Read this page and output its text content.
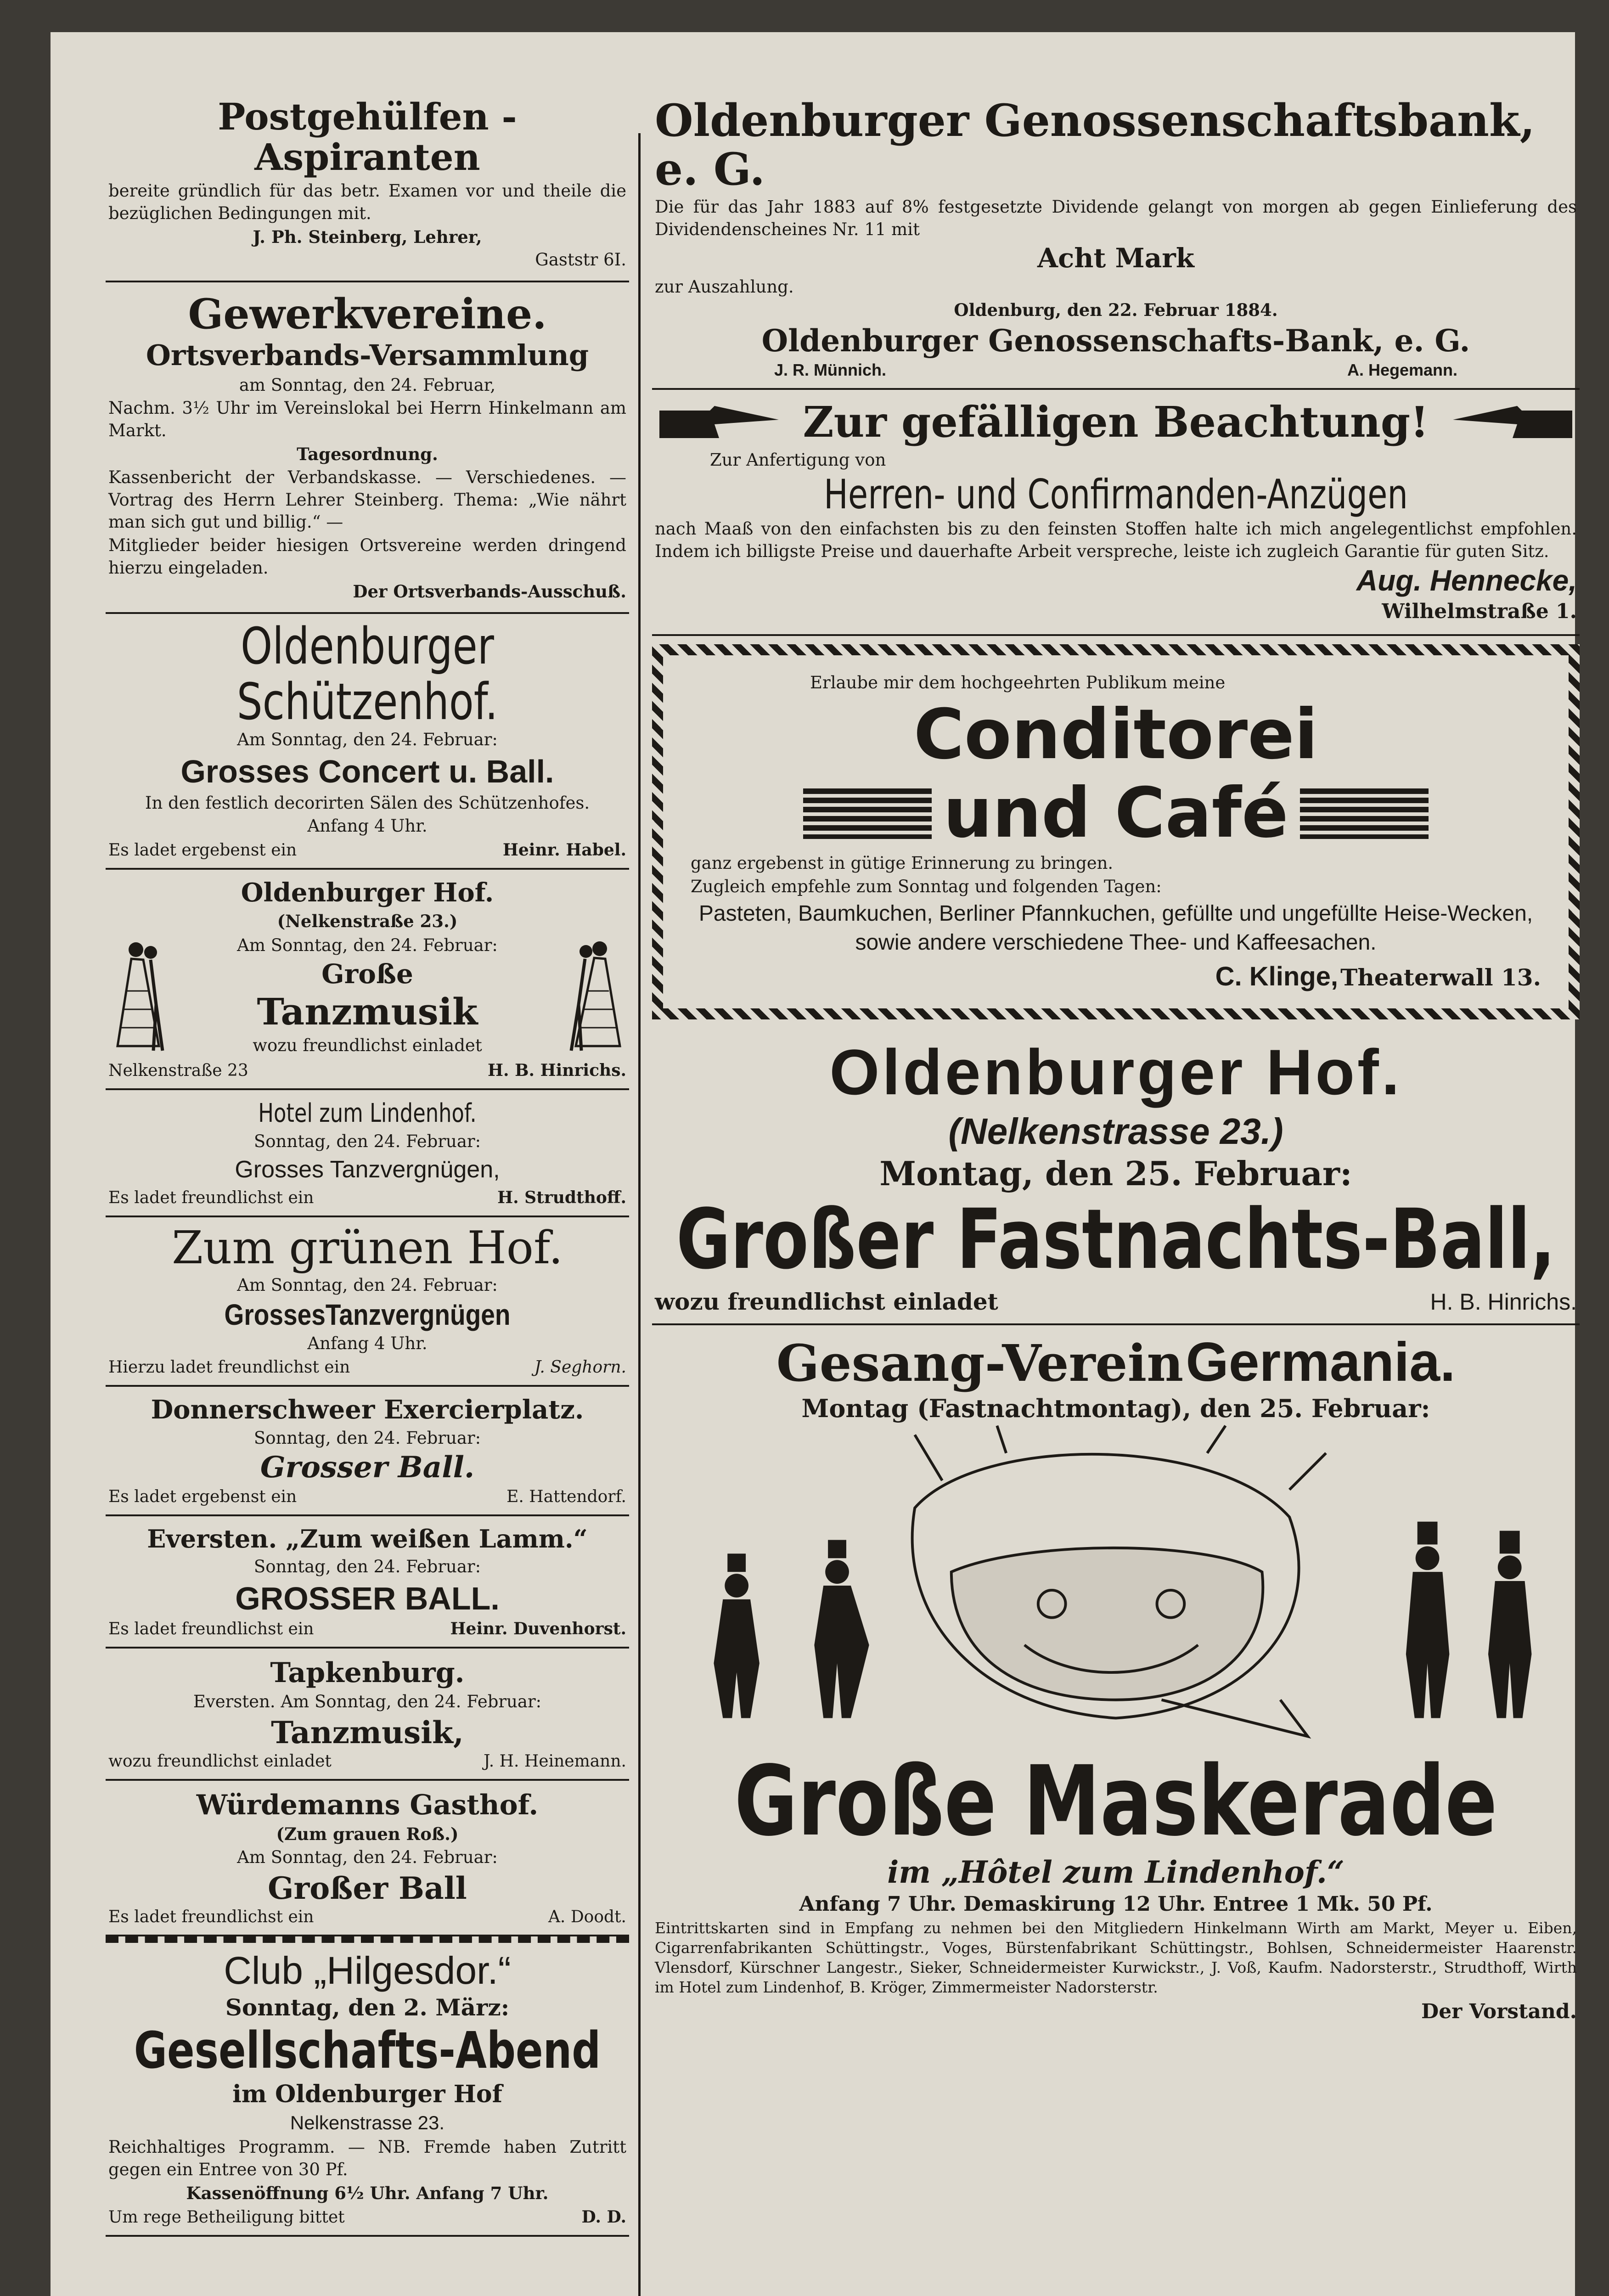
Postgehülfen - Aspiranten
bereite gründlich für das betr. Examen vor und theile die bezüglichen Bedingungen mit.
J. Ph. Steinberg, Lehrer,
Gaststr 6I.
Gewerkvereine.
Ortsverbands-Versammlung
am Sonntag, den 24. Februar,
Nachm. 3½ Uhr im Vereinslokal bei Herrn Hinkelmann am Markt.
Tagesordnung.
Kassenbericht der Verbandskasse. — Verschiedenes. — Vortrag des Herrn Lehrer Steinberg. Thema: „Wie nährt man sich gut und billig.“ —
Mitglieder beider hiesigen Ortsvereine werden dringend hierzu eingeladen.
Der Ortsverbands-Ausschuß.
Oldenburger Schützenhof.
Am Sonntag, den 24. Februar:
Grosses Concert u. Ball.
In den festlich decorirten Sälen des Schützenhofes.
Anfang 4 Uhr.
Es ladet ergebenst ein	Heinr. Habel.
Oldenburger Hof.
(Nelkenstraße 23.)
Am Sonntag, den 24. Februar:
Große
Tanzmusik
wozu freundlichst einladet
Nelkenstraße 23	H. B. Hinrichs.
Hotel zum Lindenhof.
Sonntag, den 24. Februar:
Grosses Tanzvergnügen,
Es ladet freundlichst ein	H. Strudthoff.
Zum grünen Hof.
Am Sonntag, den 24. Februar:
GrossesTanzvergnügen
Anfang 4 Uhr.
Hierzu ladet freundlichst ein	J. Seghorn.
Donnerschweer Exercierplatz.
Sonntag, den 24. Februar:
Grosser Ball.
Es ladet ergebenst ein	E. Hattendorf.
Eversten. „Zum weißen Lamm.“
Sonntag, den 24. Februar:
GROSSER BALL.
Es ladet freundlichst ein	Heinr. Duvenhorst.
Tapkenburg.
Eversten. Am Sonntag, den 24. Februar:
Tanzmusik,
wozu freundlichst einladet	J. H. Heinemann.
Würdemanns Gasthof.
(Zum grauen Roß.)
Am Sonntag, den 24. Februar:
Großer Ball
Es ladet freundlichst ein	A. Doodt.
Club „Hilgesdor.“
Sonntag, den 2. März:
Gesellschafts-Abend
im Oldenburger Hof
Nelkenstrasse 23.
Reichhaltiges Programm. — NB. Fremde haben Zutritt gegen ein Entree von 30 Pf.
Kassenöffnung 6½ Uhr. Anfang 7 Uhr.
Um rege Betheiligung bittet	D. D.
Oldenburger Genossenschaftsbank, e. G.
Die für das Jahr 1883 auf 8% festgesetzte Dividende gelangt von morgen ab gegen Einlieferung des Dividendenscheines Nr. 11 mit
Acht Mark
zur Auszahlung.
Oldenburg, den 22. Februar 1884.
Oldenburger Genossenschafts-Bank, e. G.
J. R. Münnich.	A. Hegemann.
Zur gefälligen Beachtung!
Zur Anfertigung von
Herren- und Confirmanden-Anzügen
nach Maaß von den einfachsten bis zu den feinsten Stoffen halte ich mich angelegentlichst empfohlen. Indem ich billigste Preise und dauerhafte Arbeit verspreche, leiste ich zugleich Garantie für guten Sitz.
Aug. Hennecke,
Wilhelmstraße 1.
Erlaube mir dem hochgeehrten Publikum meine
Conditorei
und Café
ganz ergebenst in gütige Erinnerung zu bringen.
Zugleich empfehle zum Sonntag und folgenden Tagen:
Pasteten, Baumkuchen, Berliner Pfannkuchen, gefüllte und ungefüllte Heise-Wecken, sowie andere verschiedene Thee- und Kaffeesachen.
C. Klinge, Theaterwall 13.
Oldenburger Hof.
(Nelkenstrasse 23.)
Montag, den 25. Februar:
Großer Fastnachts-Ball,
wozu freundlichst einladet	H. B. Hinrichs.
Gesang-Verein Germania.
Montag (Fastnachtmontag), den 25. Februar:
Große Maskerade
im „Hôtel zum Lindenhof.“
Anfang 7 Uhr. Demaskirung 12 Uhr. Entree 1 Mk. 50 Pf.
Eintrittskarten sind in Empfang zu nehmen bei den Mitgliedern Hinkelmann Wirth am Markt, Meyer u. Eiben, Cigarrenfabrikanten Schüttingstr., Voges, Bürstenfabrikant Schüttingstr., Bohlsen, Schneidermeister Haarenstr. Vlensdorf, Kürschner Langestr., Sieker, Schneidermeister Kurwickstr., J. Voß, Kaufm. Nadorsterstr., Strudthoff, Wirth im Hotel zum Lindenhof, B. Kröger, Zimmermeister Nadorsterstr.
Der Vorstand.
